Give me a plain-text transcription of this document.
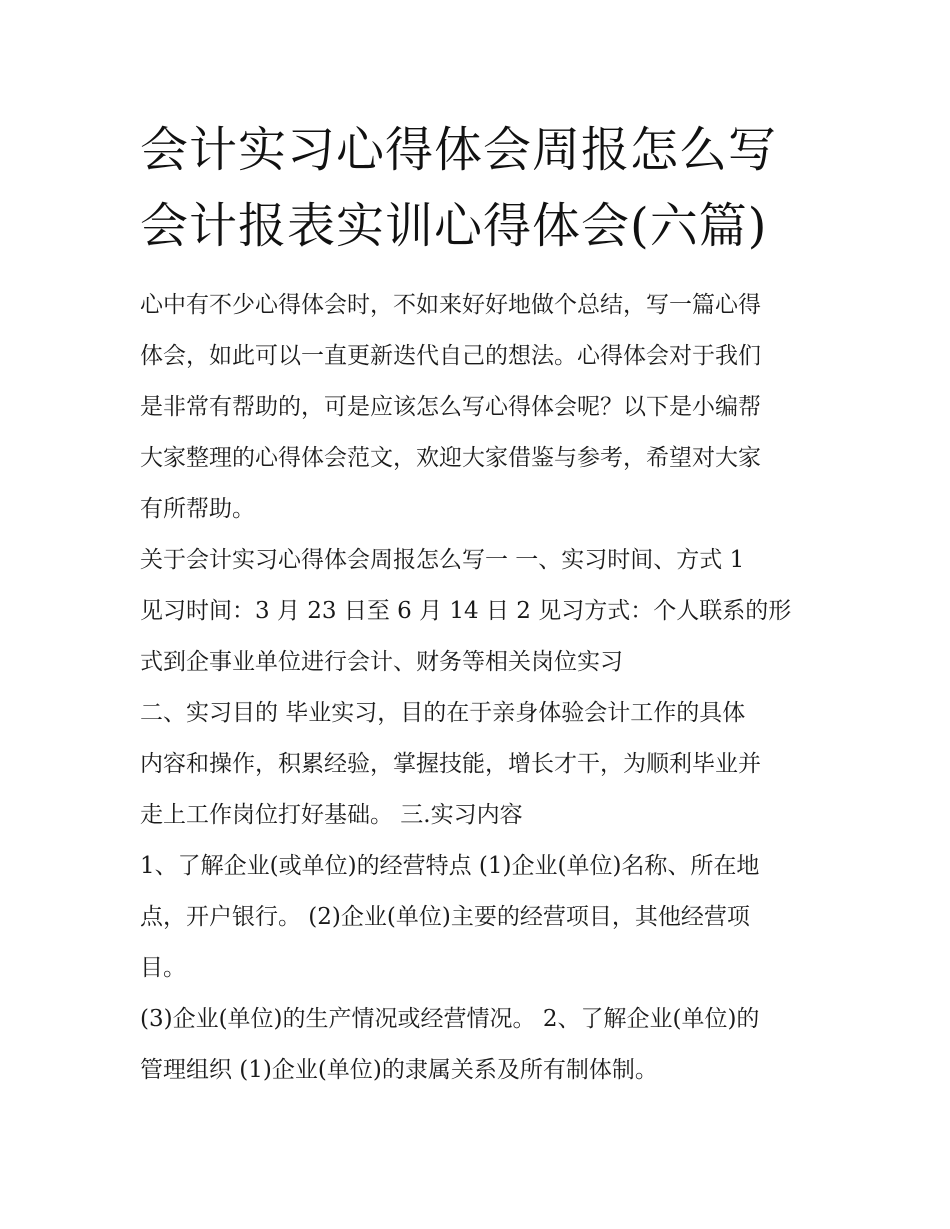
会计实习心得体会周报怎么写
会计报表实训心得体会(六篇)

心中有不少心得体会时，不如来好好地做个总结，写一篇心得
体会，如此可以一直更新迭代自己的想法。心得体会对于我们
是非常有帮助的，可是应该怎么写心得体会呢？以下是小编帮
大家整理的心得体会范文，欢迎大家借鉴与参考，希望对大家
有所帮助。

关于会计实习心得体会周报怎么写一 一、实习时间、方式 1
见习时间：3 月 23 日至 6 月 14 日 2 见习方式：个人联系的形
式到企事业单位进行会计、财务等相关岗位实习

二、实习目的 毕业实习，目的在于亲身体验会计工作的具体
内容和操作，积累经验，掌握技能，增长才干，为顺利毕业并
走上工作岗位打好基础。 三.实习内容

1、了解企业(或单位)的经营特点 (1)企业(单位)名称、所在地
点，开户银行。 (2)企业(单位)主要的经营项目，其他经营项
目。

(3)企业(单位)的生产情况或经营情况。 2、了解企业(单位)的
管理组织 (1)企业(单位)的隶属关系及所有制体制。
